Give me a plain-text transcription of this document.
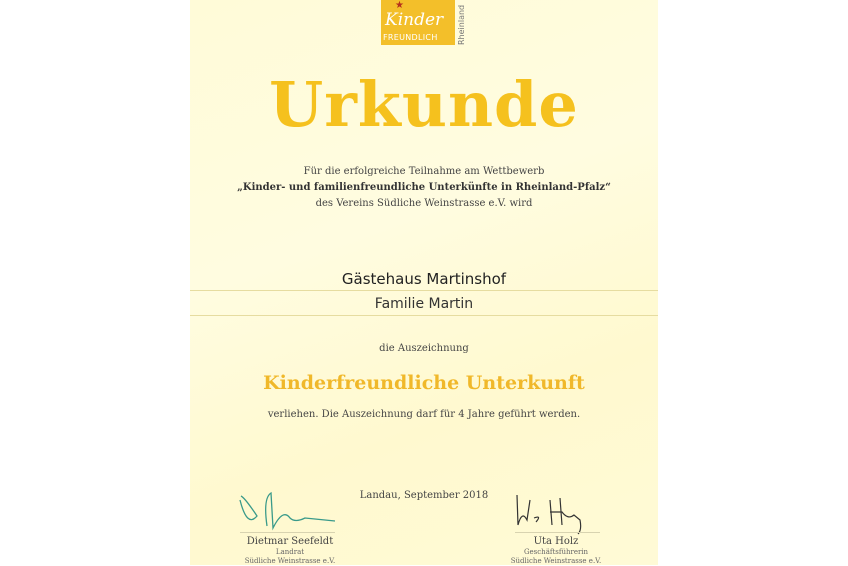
★
Kinder
FREUNDLICH Rheinland
Urkunde
Für die erfolgreiche Teilnahme am Wettbewerb
„Kinder- und familienfreundliche Unterkünfte in Rheinland-Pfalz“
des Vereins Südliche Weinstrasse e.V. wird
Gästehaus Martinshof
Familie Martin
die Auszeichnung
Kinderfreundliche Unterkunft
verliehen. Die Auszeichnung darf für 4 Jahre geführt werden.
Landau, September 2018
Dietmar Seefeldt
Landrat
Südliche Weinstrasse e.V.
Uta Holz
Geschäftsführerin
Südliche Weinstrasse e.V.
